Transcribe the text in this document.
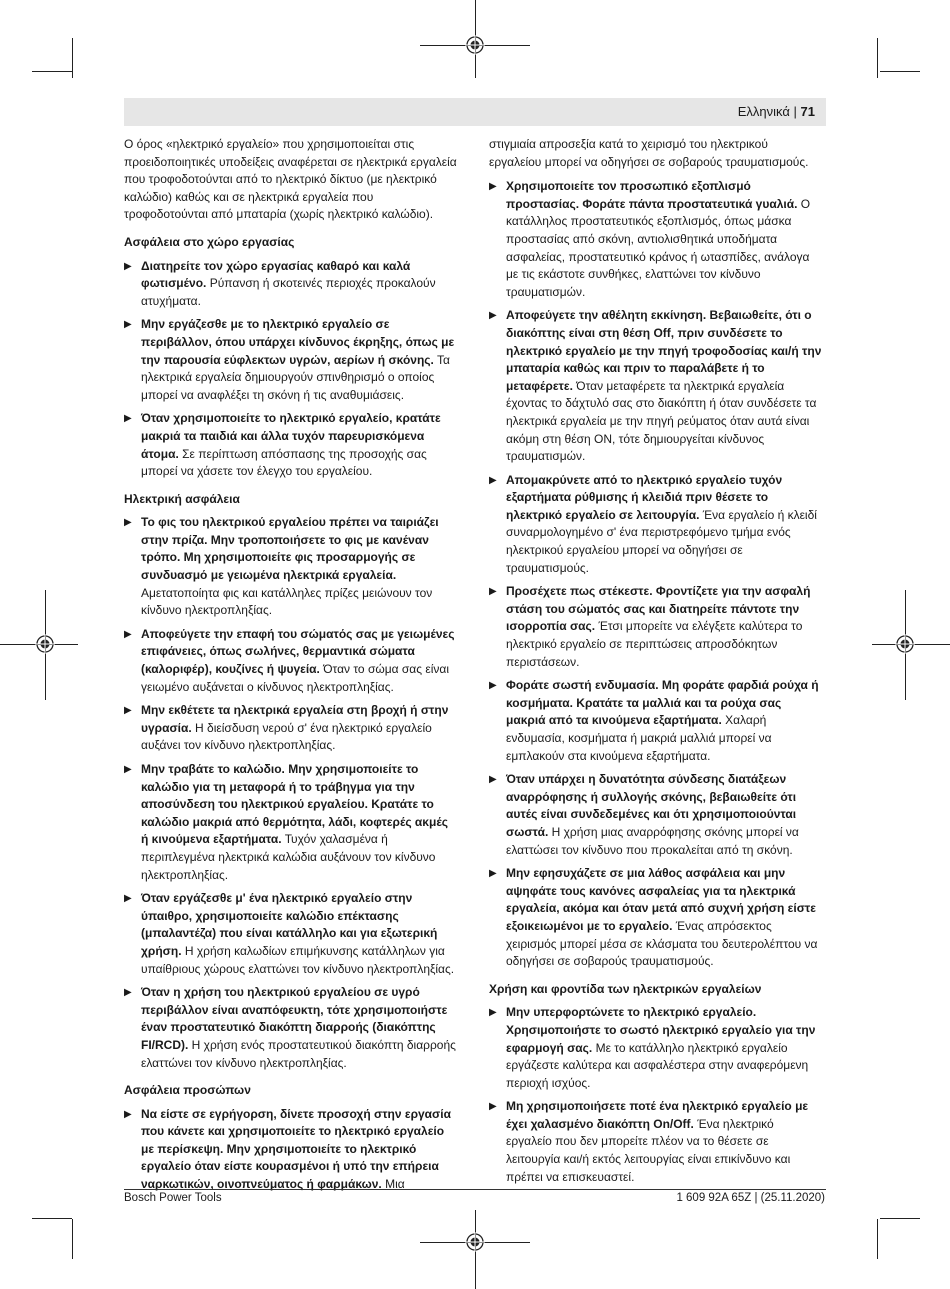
Ελληνικά | 71

Ο όρος «ηλεκτρικό εργαλείο» που χρησιμοποιείται στις προειδοποιητικές υποδείξεις αναφέρεται σε ηλεκτρικά εργαλεία που τροφοδοτούνται από το ηλεκτρικό δίκτυο (με ηλεκτρικό καλώδιο) καθώς και σε ηλεκτρικά εργαλεία που τροφοδοτούνται από μπαταρία (χωρίς ηλεκτρικό καλώδιο).

Ασφάλεια στο χώρο εργασίας
▶ Διατηρείτε τον χώρο εργασίας καθαρό και καλά φωτισμένο. Ρύπανση ή σκοτεινές περιοχές προκαλούν ατυχήματα.
▶ Μην εργάζεσθε με το ηλεκτρικό εργαλείο σε περιβάλλον, όπου υπάρχει κίνδυνος έκρηξης, όπως με την παρουσία εύφλεκτων υγρών, αερίων ή σκόνης. Τα ηλεκτρικά εργαλεία δημιουργούν σπινθηρισμό ο οποίος μπορεί να αναφλέξει τη σκόνη ή τις αναθυμιάσεις.
▶ Όταν χρησιμοποιείτε το ηλεκτρικό εργαλείο, κρατάτε μακριά τα παιδιά και άλλα τυχόν παρευρισκόμενα άτομα. Σε περίπτωση απόσπασης της προσοχής σας μπορεί να χάσετε τον έλεγχο του εργαλείου.
Ηλεκτρική ασφάλεια
▶ Το φις του ηλεκτρικού εργαλείου πρέπει να ταιριάζει στην πρίζα. Μην τροποποιήσετε το φις με κανέναν τρόπο. Μη χρησιμοποιείτε φις προσαρμογής σε συνδυασμό με γειωμένα ηλεκτρικά εργαλεία. Αμετατοποίητα φις και κατάλληλες πρίζες μειώνουν τον κίνδυνο ηλεκτροπληξίας.
▶ Αποφεύγετε την επαφή του σώματός σας με γειωμένες επιφάνειες, όπως σωλήνες, θερμαντικά σώματα (καλοριφέρ), κουζίνες ή ψυγεία. Όταν το σώμα σας είναι γειωμένο αυξάνεται ο κίνδυνος ηλεκτροπληξίας.
▶ Μην εκθέτετε τα ηλεκτρικά εργαλεία στη βροχή ή στην υγρασία. Η διείσδυση νερού σ' ένα ηλεκτρικό εργαλείο αυξάνει τον κίνδυνο ηλεκτροπληξίας.
▶ Μην τραβάτε το καλώδιο. Μην χρησιμοποιείτε το καλώδιο για τη μεταφορά ή το τράβηγμα για την αποσύνδεση του ηλεκτρικού εργαλείου. Κρατάτε το καλώδιο μακριά από θερμότητα, λάδι, κοφτερές ακμές ή κινούμενα εξαρτήματα. Τυχόν χαλασμένα ή περιπλεγμένα ηλεκτρικά καλώδια αυξάνουν τον κίνδυνο ηλεκτροπληξίας.
▶ Όταν εργάζεσθε μ' ένα ηλεκτρικό εργαλείο στην ύπαιθρο, χρησιμοποιείτε καλώδιο επέκτασης (μπαλαντέζα) που είναι κατάλληλο και για εξωτερική χρήση. Η χρήση καλωδίων επιμήκυνσης κατάλληλων για υπαίθριους χώρους ελαττώνει τον κίνδυνο ηλεκτροπληξίας.
▶ Όταν η χρήση του ηλεκτρικού εργαλείου σε υγρό περιβάλλον είναι αναπόφευκτη, τότε χρησιμοποιήστε έναν προστατευτικό διακόπτη διαρροής (διακόπτης FI/RCD). Η χρήση ενός προστατευτικού διακόπτη διαρροής ελαττώνει τον κίνδυνο ηλεκτροπληξίας.
Ασφάλεια προσώπων
▶ Να είστε σε εγρήγορση, δίνετε προσοχή στην εργασία που κάνετε και χρησιμοποιείτε το ηλεκτρικό εργαλείο με περίσκεψη. Μην χρησιμοποιείτε το ηλεκτρικό εργαλείο όταν είστε κουρασμένοι ή υπό την επήρεια ναρκωτικών, οινοπνεύματος ή φαρμάκων. Μια

στιγμιαία απροσεξία κατά το χειρισμό του ηλεκτρικού εργαλείου μπορεί να οδηγήσει σε σοβαρούς τραυματισμούς.

▶ Χρησιμοποιείτε τον προσωπικό εξοπλισμό προστασίας. Φοράτε πάντα προστατευτικά γυαλιά. Ο κατάλληλος προστατευτικός εξοπλισμός, όπως μάσκα προστασίας από σκόνη, αντιολισθητικά υποδήματα ασφαλείας, προστατευτικό κράνος ή ωτασπίδες, ανάλογα με τις εκάστοτε συνθήκες, ελαττώνει τον κίνδυνο τραυματισμών.
▶ Αποφεύγετε την αθέλητη εκκίνηση. Βεβαιωθείτε, ότι ο διακόπτης είναι στη θέση Off, πριν συνδέσετε το ηλεκτρικό εργαλείο με την πηγή τροφοδοσίας και/ή την μπαταρία καθώς και πριν το παραλάβετε ή το μεταφέρετε. Όταν μεταφέρετε τα ηλεκτρικά εργαλεία έχοντας το δάχτυλό σας στο διακόπτη ή όταν συνδέσετε τα ηλεκτρικά εργαλεία με την πηγή ρεύματος όταν αυτά είναι ακόμη στη θέση ON, τότε δημιουργείται κίνδυνος τραυματισμών.
▶ Απομακρύνετε από το ηλεκτρικό εργαλείο τυχόν εξαρτήματα ρύθμισης ή κλειδιά πριν θέσετε το ηλεκτρικό εργαλείο σε λειτουργία. Ένα εργαλείο ή κλειδί συναρμολογημένο σ' ένα περιστρεφόμενο τμήμα ενός ηλεκτρικού εργαλείου μπορεί να οδηγήσει σε τραυματισμούς.
▶ Προσέχετε πως στέκεστε. Φροντίζετε για την ασφαλή στάση του σώματός σας και διατηρείτε πάντοτε την ισορροπία σας. Έτσι μπορείτε να ελέγξετε καλύτερα το ηλεκτρικό εργαλείο σε περιπτώσεις απροσδόκητων περιστάσεων.
▶ Φοράτε σωστή ενδυμασία. Μη φοράτε φαρδιά ρούχα ή κοσμήματα. Κρατάτε τα μαλλιά και τα ρούχα σας μακριά από τα κινούμενα εξαρτήματα. Χαλαρή ενδυμασία, κοσμήματα ή μακριά μαλλιά μπορεί να εμπλακούν στα κινούμενα εξαρτήματα.
▶ Όταν υπάρχει η δυνατότητα σύνδεσης διατάξεων αναρρόφησης ή συλλογής σκόνης, βεβαιωθείτε ότι αυτές είναι συνδεδεμένες και ότι χρησιμοποιούνται σωστά. Η χρήση μιας αναρρόφησης σκόνης μπορεί να ελαττώσει τον κίνδυνο που προκαλείται από τη σκόνη.
▶ Μην εφησυχάζετε σε μια λάθος ασφάλεια και μην αψηφάτε τους κανόνες ασφαλείας για τα ηλεκτρικά εργαλεία, ακόμα και όταν μετά από συχνή χρήση είστε εξοικειωμένοι με το εργαλείο. Ένας απρόσεκτος χειρισμός μπορεί μέσα σε κλάσματα του δευτερολέπτου να οδηγήσει σε σοβαρούς τραυματισμούς.
Χρήση και φροντίδα των ηλεκτρικών εργαλείων
▶ Μην υπερφορτώνετε το ηλεκτρικό εργαλείο. Χρησιμοποιήστε το σωστό ηλεκτρικό εργαλείο για την εφαρμογή σας. Με το κατάλληλο ηλεκτρικό εργαλείο εργάζεστε καλύτερα και ασφαλέστερα στην αναφερόμενη περιοχή ισχύος.
▶ Μη χρησιμοποιήσετε ποτέ ένα ηλεκτρικό εργαλείο με έχει χαλασμένο διακόπτη On/Off. Ένα ηλεκτρικό εργαλείο που δεν μπορείτε πλέον να το θέσετε σε λειτουργία και/ή εκτός λειτουργίας είναι επικίνδυνο και πρέπει να επισκευαστεί.
Bosch Power Tools	1 609 92A 65Z | (25.11.2020)
